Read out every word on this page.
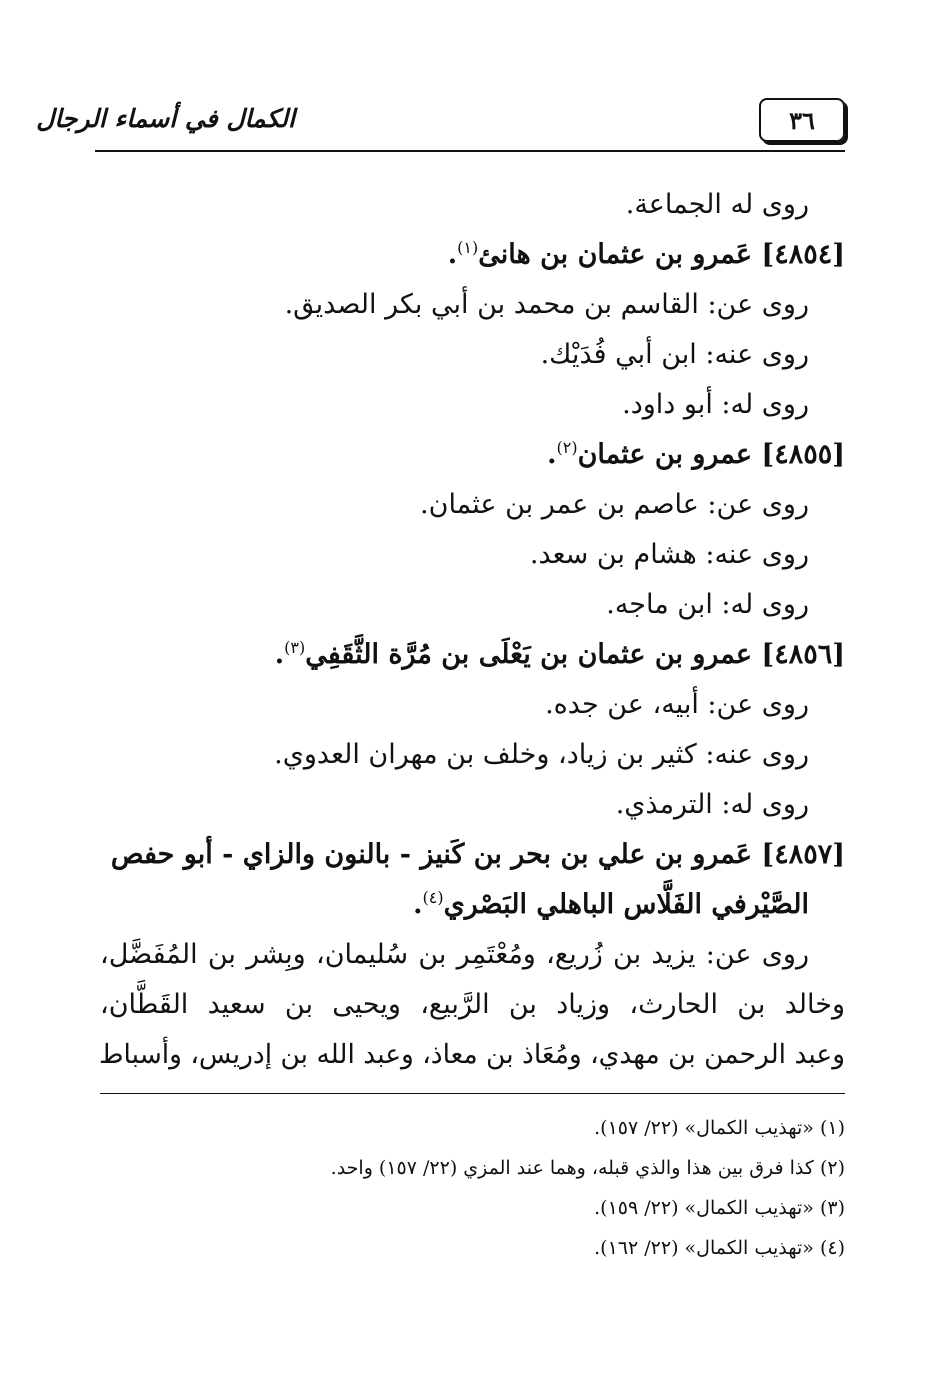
الكمال في أسماء الرجال	٣٦
روى له الجماعة.
[٤٨٥٤] عَمرو بن عثمان بن هانئ$^{(١)}$.
روى عن: القاسم بن محمد بن أبي بكر الصديق.
روى عنه: ابن أبي فُدَيْك.
روى له: أبو داود.
[٤٨٥٥] عمرو بن عثمان$^{(٢)}$.
روى عن: عاصم بن عمر بن عثمان.
روى عنه: هشام بن سعد.
روى له: ابن ماجه.
[٤٨٥٦] عمرو بن عثمان بن يَعْلَى بن مُرَّة الثَّقَفِي$^{(٣)}$.
روى عن: أبيه، عن جده.
روى عنه: كثير بن زياد، وخلف بن مهران العدوي.
روى له: الترمذي.
[٤٨٥٧] عَمرو بن علي بن بحر بن كَنيز - بالنون والزاي - أبو حفص
الصَّيْرفي الفَلَّاس الباهلي البَصْري$^{(٤)}$.
روى عن: يزيد بن زُريع، ومُعْتَمِر بن سُليمان، وبِشر بن المُفَضَّل،
وخالد بن الحارث، وزياد بن الرَّبيع، ويحيى بن سعيد القَطَّان،
وعبد الرحمن بن مهدي، ومُعَاذ بن معاذ، وعبد الله بن إدريس، وأسباط
(١) «تهذيب الكمال» (٢٢/ ١٥٧).
(٢) كذا فرق بين هذا والذي قبله، وهما عند المزي (٢٢/ ١٥٧) واحد.
(٣) «تهذيب الكمال» (٢٢/ ١٥٩).
(٤) «تهذيب الكمال» (٢٢/ ١٦٢).
